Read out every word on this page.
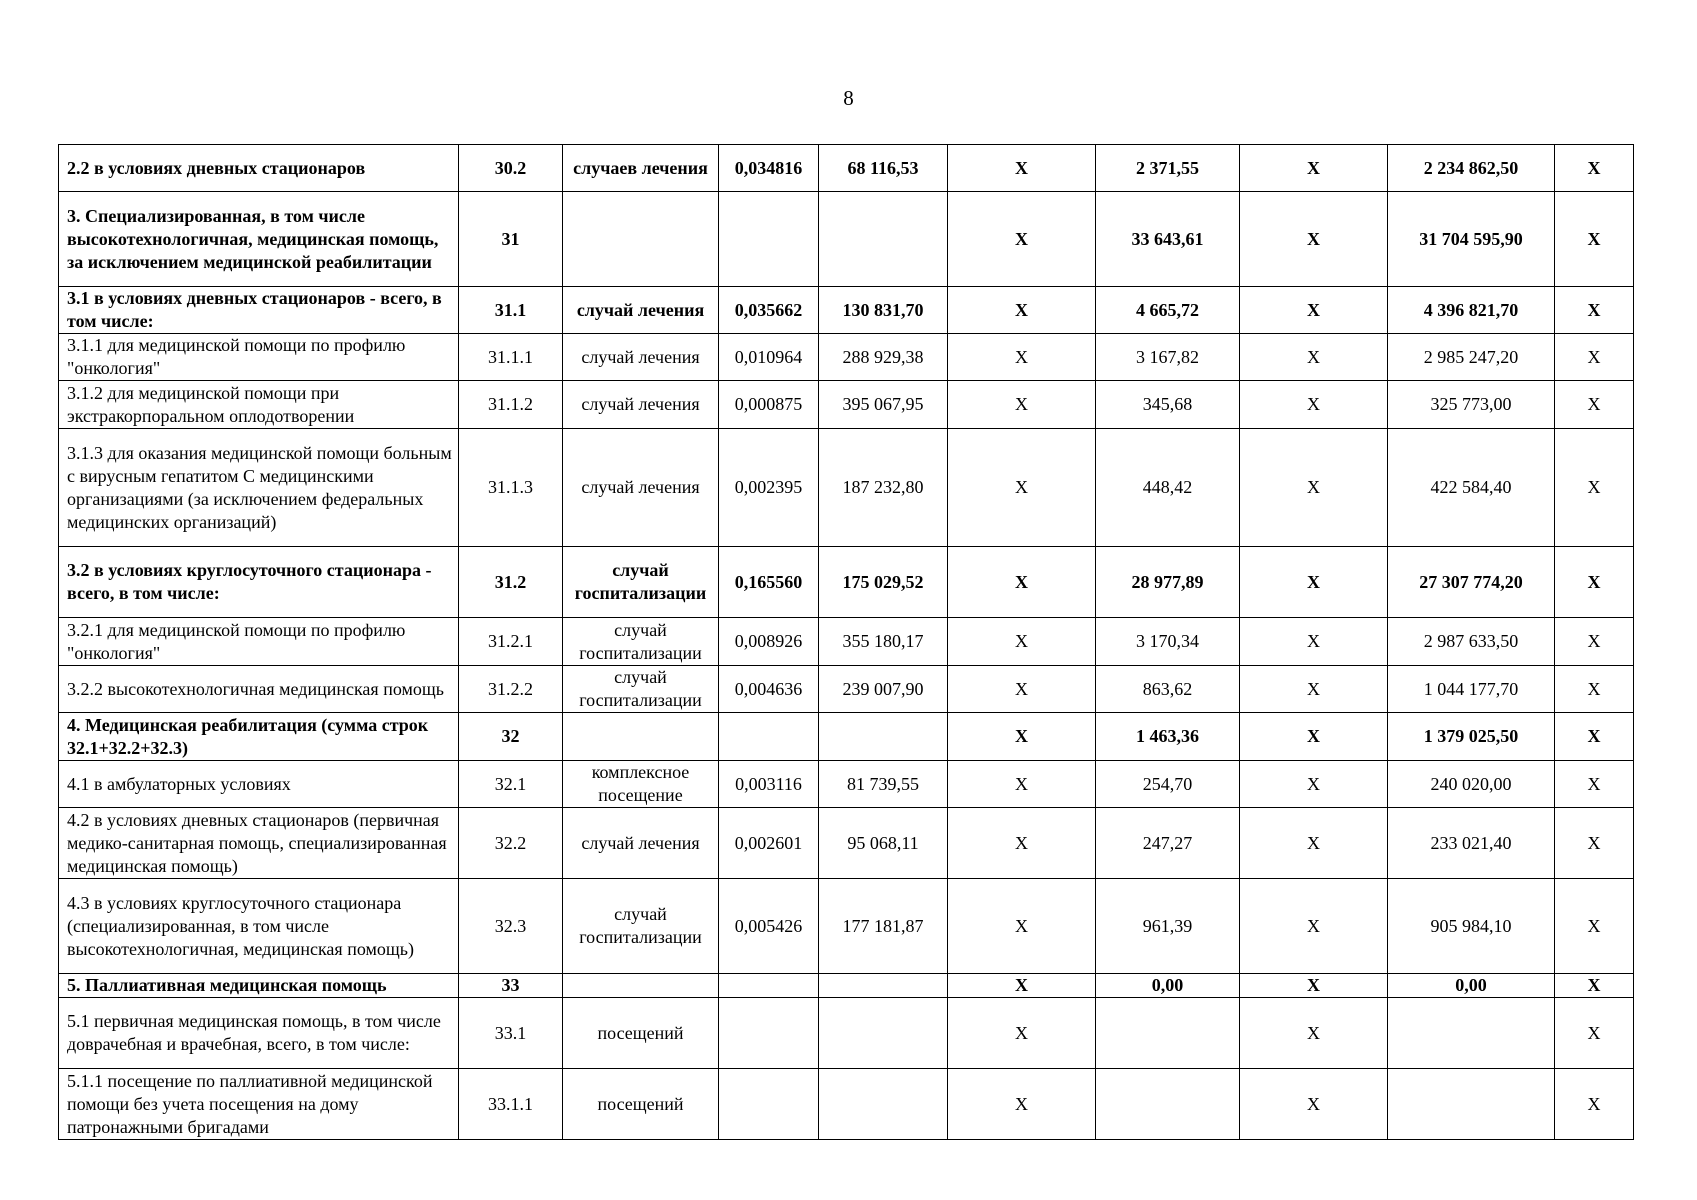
8
2.2 в условиях дневных стационаров	30.2	случаев лечения	0,034816	68 116,53	Х	2 371,55	Х	2 234 862,50	Х
3. Специализированная, в том числе высокотехнологичная, медицинская помощь, за исключением медицинской реабилитации	31				Х	33 643,61	Х	31 704 595,90	Х
3.1 в условиях дневных стационаров - всего, в том числе:	31.1	случай лечения	0,035662	130 831,70	Х	4 665,72	Х	4 396 821,70	Х
3.1.1 для медицинской помощи по профилю "онкология"	31.1.1	случай лечения	0,010964	288 929,38	Х	3 167,82	Х	2 985 247,20	Х
3.1.2 для медицинской помощи при экстракорпоральном оплодотворении	31.1.2	случай лечения	0,000875	395 067,95	Х	345,68	Х	325 773,00	Х
3.1.3 для оказания медицинской помощи больным с вирусным гепатитом С медицинскими организациями (за исключением федеральных медицинских организаций)	31.1.3	случай лечения	0,002395	187 232,80	Х	448,42	Х	422 584,40	Х
3.2 в условиях круглосуточного стационара - всего, в том числе:	31.2	случай госпитализации	0,165560	175 029,52	Х	28 977,89	Х	27 307 774,20	Х
3.2.1 для медицинской помощи по профилю "онкология"	31.2.1	случай госпитализации	0,008926	355 180,17	Х	3 170,34	Х	2 987 633,50	Х
3.2.2 высокотехнологичная медицинская помощь	31.2.2	случай госпитализации	0,004636	239 007,90	Х	863,62	Х	1 044 177,70	Х
4. Медицинская реабилитация (сумма строк 32.1+32.2+32.3)	32				Х	1 463,36	Х	1 379 025,50	Х
4.1 в амбулаторных условиях	32.1	комплексное посещение	0,003116	81 739,55	Х	254,70	Х	240 020,00	Х
4.2 в условиях дневных стационаров (первичная медико-санитарная помощь, специализированная медицинская помощь)	32.2	случай лечения	0,002601	95 068,11	Х	247,27	Х	233 021,40	Х
4.3 в условиях круглосуточного стационара (специализированная, в том числе высокотехнологичная, медицинская помощь)	32.3	случай госпитализации	0,005426	177 181,87	Х	961,39	Х	905 984,10	Х
5. Паллиативная медицинская помощь	33				Х	0,00	Х	0,00	Х
5.1 первичная медицинская помощь, в том числе доврачебная и врачебная, всего, в том числе:	33.1	посещений			Х		Х		Х
5.1.1 посещение по паллиативной медицинской помощи без учета посещения на дому патронажными бригадами	33.1.1	посещений			Х		Х		Х
